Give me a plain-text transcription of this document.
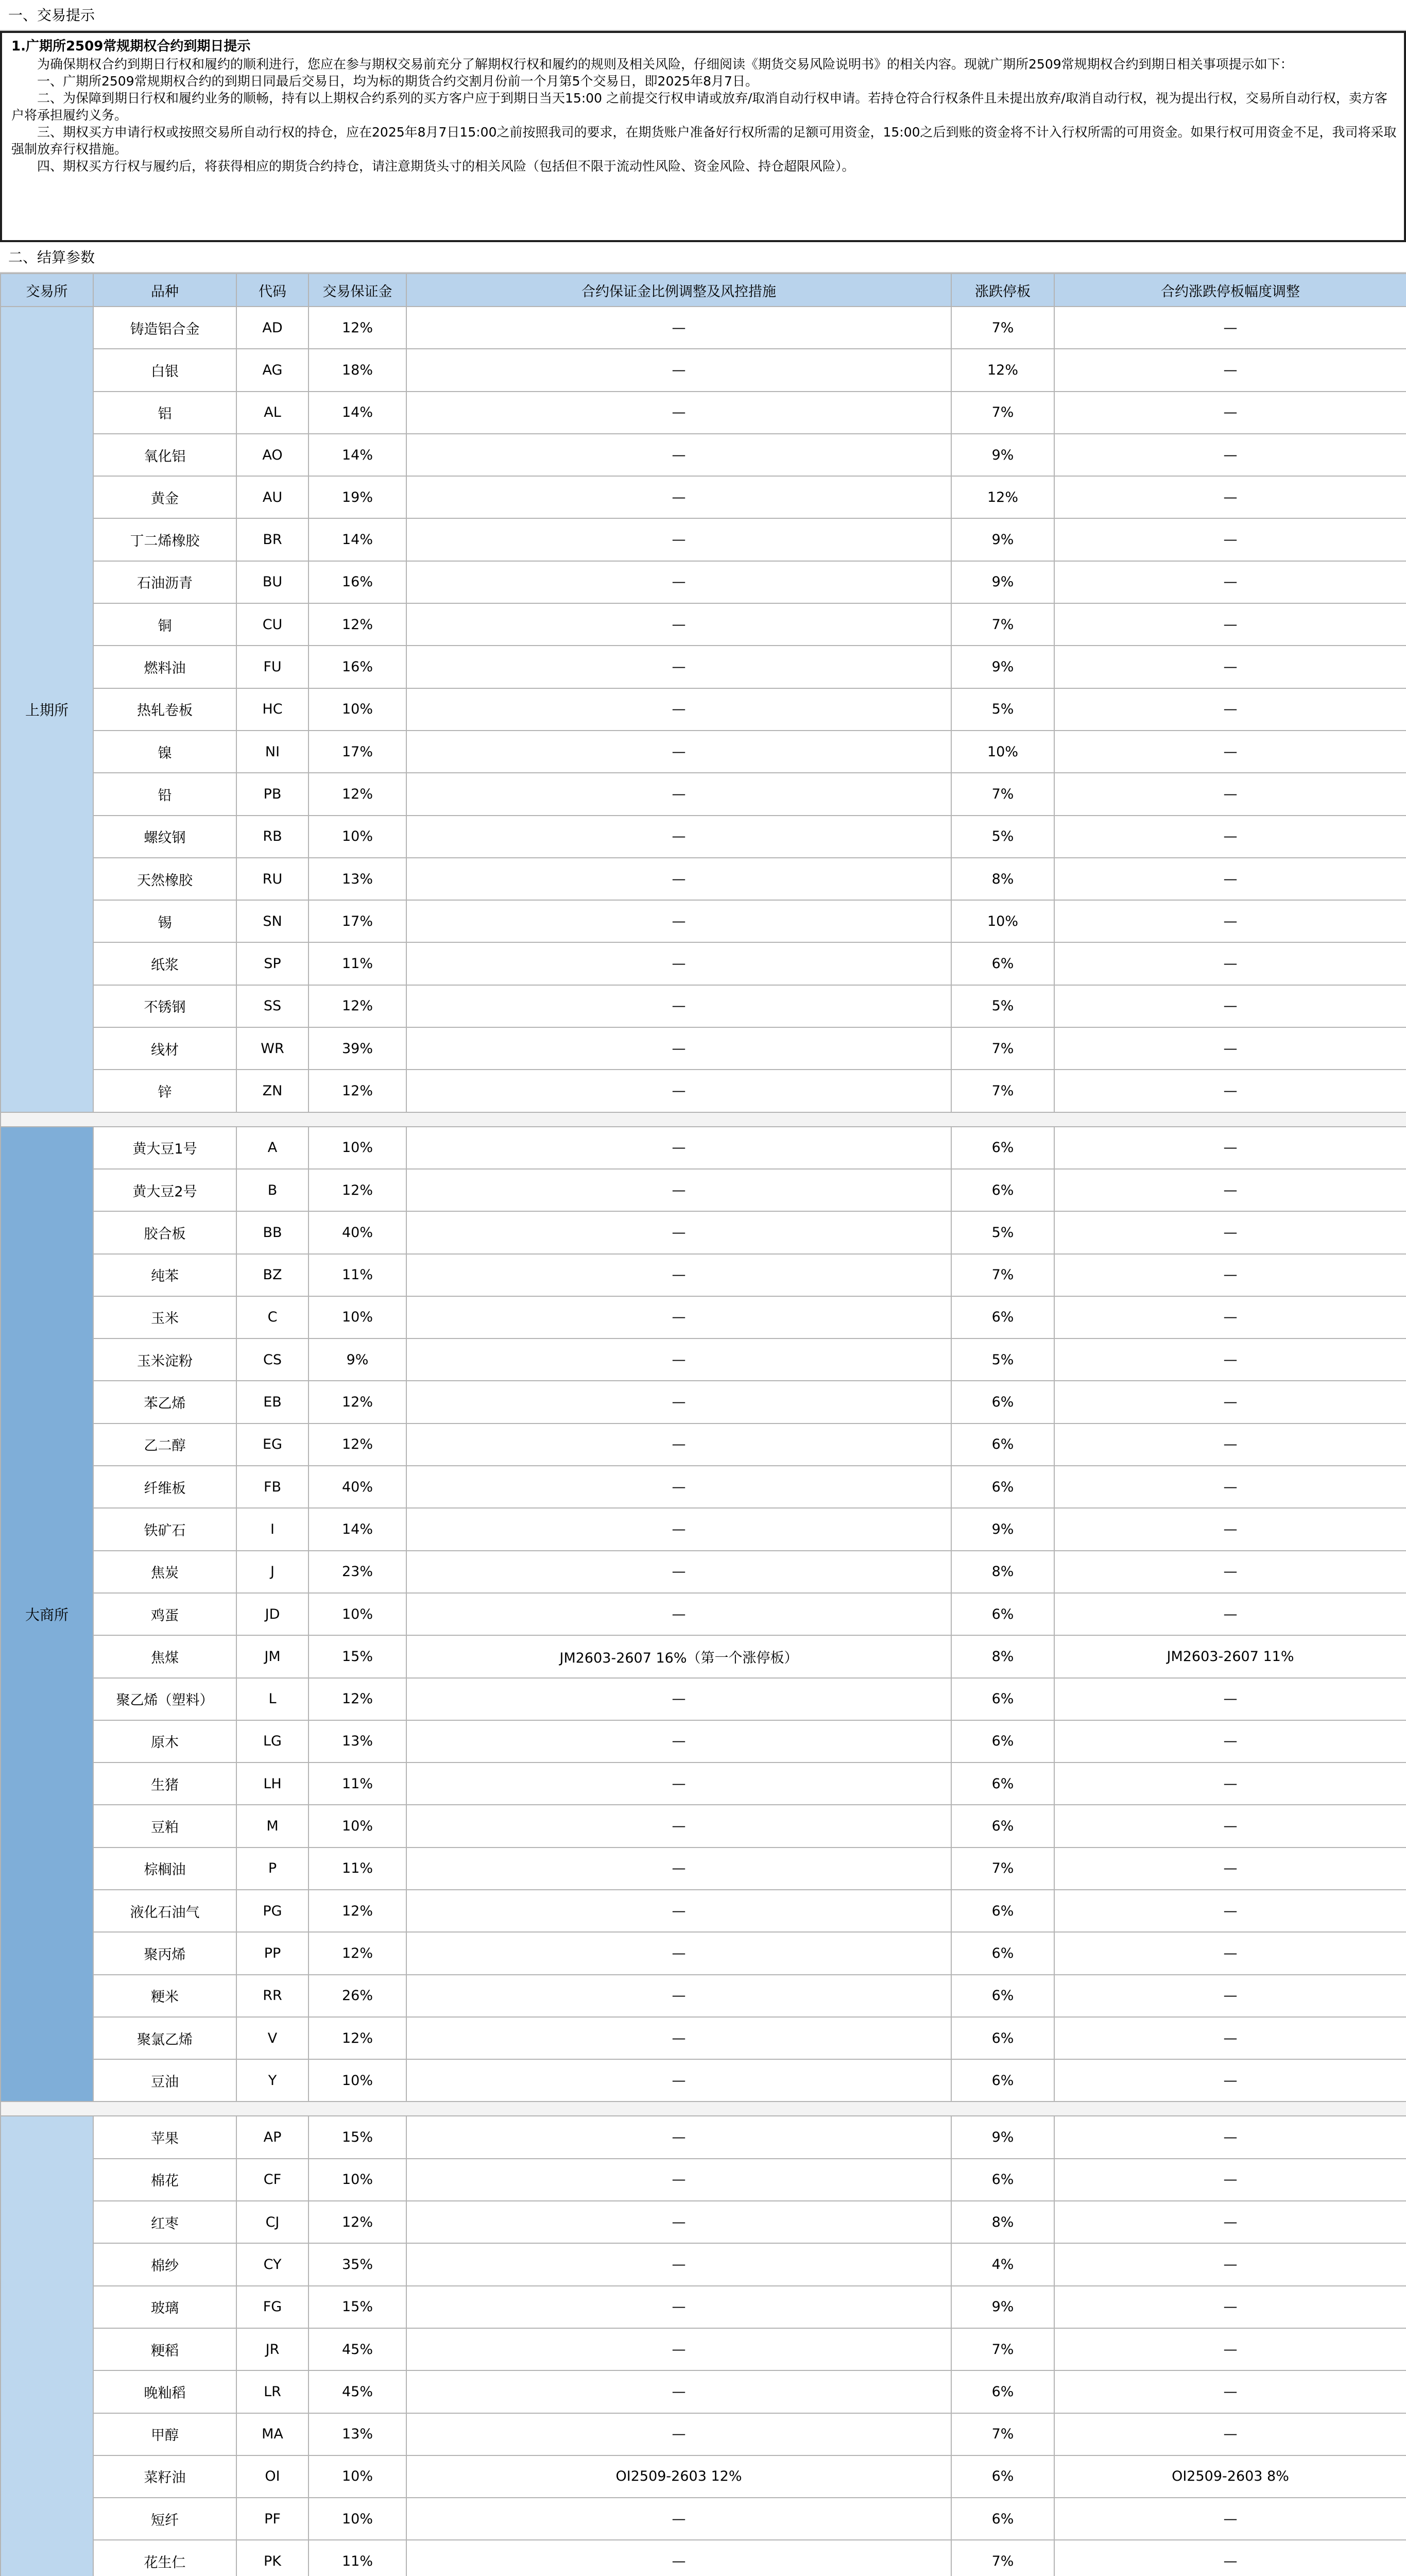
一、交易提示
1.广期所2509常规期权合约到期日提示

为确保期权合约到期日行权和履约的顺利进行，您应在参与期权交易前充分了解期权行权和履约的规则及相关风险，仔细阅读《期货交易风险说明书》的相关内容。现就广期所2509常规期权合约到期日相关事项提示如下：

一、广期所2509常规期权合约的到期日同最后交易日，均为标的期货合约交割月份前一个月第5个交易日，即2025年8月7日。

二、为保障到期日行权和履约业务的顺畅，持有以上期权合约系列的买方客户应于到期日当天15:00 之前提交行权申请或放弃/取消自动行权申请。若持仓符合行权条件且未提出放弃/取消自动行权，视为提出行权，交易所自动行权，卖方客户将承担履约义务。

三、期权买方申请行权或按照交易所自动行权的持仓，应在2025年8月7日15:00之前按照我司的要求，在期货账户准备好行权所需的足额可用资金，15:00之后到账的资金将不计入行权所需的可用资金。如果行权可用资金不足，我司将采取强制放弃行权措施。

四、期权买方行权与履约后，将获得相应的期货合约持仓，请注意期货头寸的相关风险（包括但不限于流动性风险、资金风险、持仓超限风险）。

二、结算参数
交易所	品种	代码	交易保证金	合约保证金比例调整及风控措施	涨跌停板	合约涨跌停板幅度调整
上期所	铸造铝合金	AD	12%	—	7%	—
	白银	AG	18%	—	12%	—
	铝	AL	14%	—	7%	—
	氧化铝	AO	14%	—	9%	—
	黄金	AU	19%	—	12%	—
	丁二烯橡胶	BR	14%	—	9%	—
	石油沥青	BU	16%	—	9%	—
	铜	CU	12%	—	7%	—
	燃料油	FU	16%	—	9%	—
	热轧卷板	HC	10%	—	5%	—
	镍	NI	17%	—	10%	—
	铅	PB	12%	—	7%	—
	螺纹钢	RB	10%	—	5%	—
	天然橡胶	RU	13%	—	8%	—
	锡	SN	17%	—	10%	—
	纸浆	SP	11%	—	6%	—
	不锈钢	SS	12%	—	5%	—
	线材	WR	39%	—	7%	—
	锌	ZN	12%	—	7%	—

大商所	黄大豆1号	A	10%	—	6%	—
	黄大豆2号	B	12%	—	6%	—
	胶合板	BB	40%	—	5%	—
	纯苯	BZ	11%	—	7%	—
	玉米	C	10%	—	6%	—
	玉米淀粉	CS	9%	—	5%	—
	苯乙烯	EB	12%	—	6%	—
	乙二醇	EG	12%	—	6%	—
	纤维板	FB	40%	—	6%	—
	铁矿石	I	14%	—	9%	—
	焦炭	J	23%	—	8%	—
	鸡蛋	JD	10%	—	6%	—
	焦煤	JM	15%	JM2603-2607 16%（第一个涨停板）	8%	JM2603-2607 11%
	聚乙烯（塑料）	L	12%	—	6%	—
	原木	LG	13%	—	6%	—
	生猪	LH	11%	—	6%	—
	豆粕	M	10%	—	6%	—
	棕榈油	P	11%	—	7%	—
	液化石油气	PG	12%	—	6%	—
	聚丙烯	PP	12%	—	6%	—
	粳米	RR	26%	—	6%	—
	聚氯乙烯	V	12%	—	6%	—
	豆油	Y	10%	—	6%	—

	苹果	AP	15%	—	9%	—
	棉花	CF	10%	—	6%	—
	红枣	CJ	12%	—	8%	—
	棉纱	CY	35%	—	4%	—
	玻璃	FG	15%	—	9%	—
	粳稻	JR	45%	—	7%	—
	晚籼稻	LR	45%	—	6%	—
	甲醇	MA	13%	—	7%	—
	菜籽油	OI	10%	OI2509-2603 12%	6%	OI2509-2603 8%
	短纤	PF	10%	—	6%	—
	花生仁	PK	11%	—	7%	—
